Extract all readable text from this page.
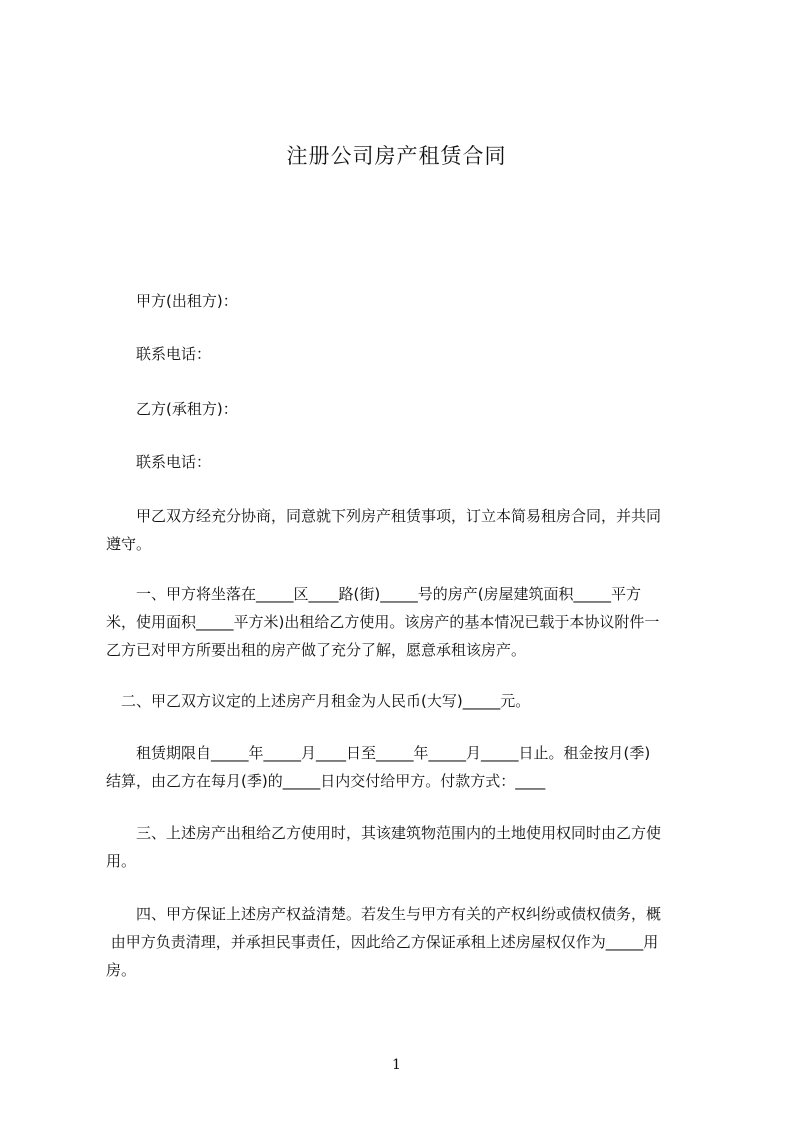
注册公司房产租赁合同

甲方(出租方)：

联系电话：

乙方(承租方)：

联系电话：

甲乙双方经充分协商，同意就下列房产租赁事项，订立本简易租房合同，并共同
遵守。

一、甲方将坐落在_____区____路(街)_____号的房产(房屋建筑面积_____平方
米，使用面积_____平方米)出租给乙方使用。该房产的基本情况已载于本协议附件一
乙方已对甲方所要出租的房产做了充分了解，愿意承租该房产。

二、甲乙双方议定的上述房产月租金为人民币(大写)_____元。

租赁期限自_____年_____月____日至_____年_____月_____日止。租金按月(季)
结算，由乙方在每月(季)的_____日内交付给甲方。付款方式：____

三、上述房产出租给乙方使用时，其该建筑物范围内的土地使用权同时由乙方使
用。

四、甲方保证上述房产权益清楚。若发生与甲方有关的产权纠纷或债权债务，概
由甲方负责清理，并承担民事责任，因此给乙方保证承租上述房屋权仅作为_____用
房。

1
